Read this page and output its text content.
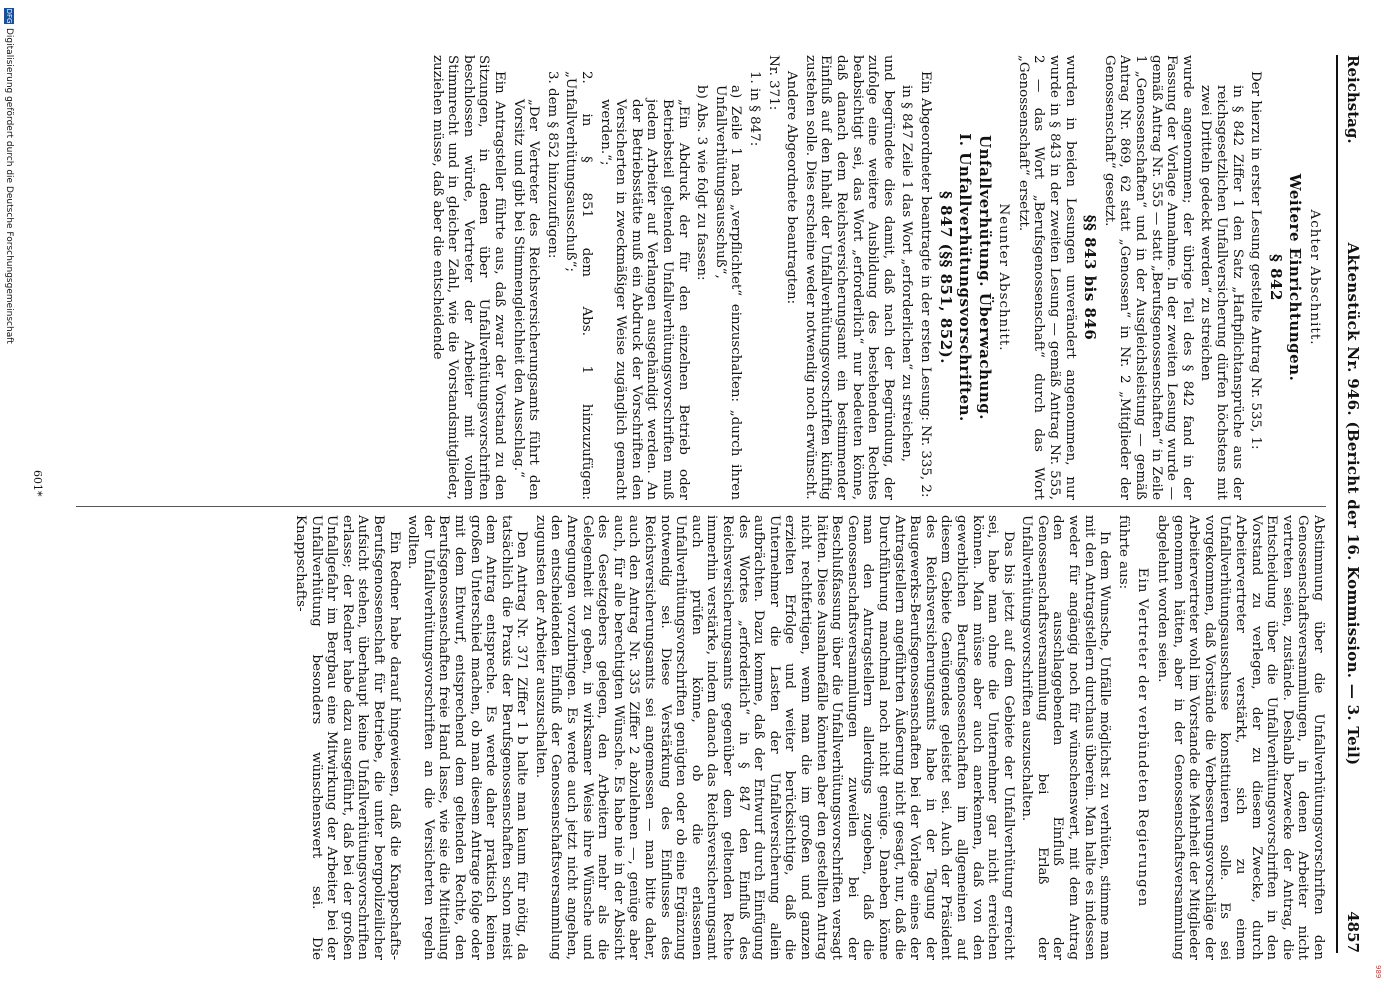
Reichstag.
Aktenstück Nr. 946. (Bericht der 16. Kommission. — 3. Teil)
4857

Achter Abschnitt.

Weitere Einrichtungen.

§ 842

Der hierzu in erster Lesung gestellte Antrag Nr. 535, 1:

in § 842 Ziffer 1 den Satz „Haftpflichtansprüche aus der reichsgesetzlichen Unfallversicherung dürfen höchstens mit zwei Dritteln gedeckt werden“ zu streichen

wurde angenommen; der übrige Teil des § 842 fand in der Fassung der Vorlage Annahme. In der zweiten Lesung wurde — gemäß Antrag Nr. 555 — statt „Berufsgenossenschaften“ in Zeile 1 „Genossenschaften“ und in der Ausgleichsleistung — gemäß Antrag Nr. 869, 62 statt „Genossen“ in Nr. 2 „Mitglieder der Genossenschaft“ gesetzt.

§§ 843 bis 846

wurden in beiden Lesungen unverändert angenommen, nur wurde in § 843 in der zweiten Lesung — gemäß Antrag Nr. 555, 2 — das Wort „Berufsgenossenschaft“ durch das Wort „Genossenschaft“ ersetzt.

Neunter Abschnitt.

Unfallverhütung. Überwachung.

I. Unfallverhütungsvorschriften.

§ 847 (§§ 851, 852).

Ein Abgeordneter beantragte in der ersten Lesung: Nr. 335, 2:

in § 847 Zeile 1 das Wort „erforderlichen“ zu streichen,

und begründete dies damit, daß nach der Begründung, der zufolge eine weitere Ausbildung des bestehenden Rechtes beabsichtigt sei, das Wort „erforderlich“ nur bedeuten könne, daß danach dem Reichsversicherungsamt ein bestimmender Einfluß auf den Inhalt der Unfallverhütungsvorschriften künftig zustehen solle. Dies erscheine weder notwendig noch erwünscht.

Andere Abgeordnete beantragten:

Nr. 371:

1. in § 847:

a) Zeile 1 nach „verpflichtet“ einzuschalten: „durch ihren Unfallverhütungsausschuß“,

b) Abs. 3 wie folgt zu fassen:

„Ein Abdruck der für den einzelnen Betrieb oder Betriebsteil geltenden Unfallverhütungsvorschriften muß jedem Arbeiter auf Verlangen ausgehändigt werden. An der Betriebsstätte muß ein Abdruck der Vorschriften den Versicherten in zweckmäßiger Weise zugänglich gemacht werden.“;

2. in § 851 dem Abs. 1 hinzuzufügen: „Unfallverhütungsausschuß“;

3. dem § 852 hinzuzufügen:

„Der Vertreter des Reichsversicherungsamts führt den Vorsitz und gibt bei Stimmengleichheit den Ausschlag.“

Ein Antragsteller führte aus, daß zwar der Vorstand zu den Sitzungen, in denen über Unfallverhütungsvorschriften beschlossen würde, Vertreter der Arbeiter mit vollem Stimmrecht und in gleicher Zahl, wie die Vorstandsmitglieder, zuziehen müsse, daß aber die entscheidende

Abstimmung über die Unfallverhütungsvorschriften den Genossenschaftsversammlungen, in denen Arbeiter nicht vertreten seien, zustände. Deshalb bezwecke der Antrag, die Entscheidung über die Unfallverhütungsvorschriften in den Vorstand zu verlegen, der zu diesem Zwecke, durch Arbeitervertreter verstärkt, sich zu einem Unfallverhütungsausschusse konstituieren solle. Es sei vorgekommen, daß Vorstände die Verbesserungsvorschläge der Arbeitervertreter wohl im Vorstande die Mehrheit der Mitglieder genommen hätten, aber in der Genossenschaftsversammlung abgelehnt worden seien.

Ein Vertreter der verbündeten Regierungen

führte aus:

In dem Wunsche, Unfälle möglichst zu verhüten, stimme man mit den Antragstellern durchaus überein. Man halte es indessen weder für angängig noch für wünschenswert, mit dem Antrag den ausschlaggebenden Einfluß der Genossenschaftsversammlung bei Erlaß der Unfallverhütungsvorschriften auszuschalten.

Das bis jetzt auf dem Gebiete der Unfallverhütung erreicht sei, habe man ohne die Unternehmer gar nicht erreichen können. Man müsse aber auch anerkennen, daß von den gewerblichen Berufsgenossenschaften im allgemeinen auf diesem Gebiete Genügendes geleistet sei. Auch der Präsident des Reichsversicherungsamts habe in der Tagung der Baugewerks-Berufsgenossenschaften bei der Vorlage eines der Antragstellern angeführten Äußerung nicht gesagt, nur, daß die Durchführung manchmal noch nicht genüge. Daneben könne man den Antragstellern allerdings zugeben, daß die Genossenschaftsversammlungen zuweilen bei der Beschlußfassung über die Unfallverhütungsvorschriften versagt hätten. Diese Ausnahmefälle könnten aber den gestellten Antrag nicht rechtfertigen, wenn man die im großen und ganzen erzielten Erfolge und weiter berücksichtige, daß die Unternehmer die Lasten der Unfallversicherung allein aufbrächten. Dazu komme, daß der Entwurf durch Einfügung des Wortes „erforderlich“ in § 847 den Einfluß des Reichsversicherungsamts gegenüber dem geltenden Rechte immerhin verstärke, indem danach das Reichsversicherungsamt auch prüfen könne, ob die erlassenen Unfallverhütungsvorschriften genügten oder ob eine Ergänzung notwendig sei. Diese Verstärkung des Einflusses des Reichsversicherungsamts sei angemessen — man bitte daher, auch den Antrag Nr. 335 Ziffer 2 abzulehnen —, genüge aber auch, für alle berechtigten Wünsche. Es habe nie in der Absicht des Gesetzgebers gelegen, den Arbeitern mehr als die Gelegenheit zu geben, in wirksamer Weise ihre Wünsche und Anregungen vorzubringen. Es werde auch jetzt nicht angehen, den entscheidenden Einfluß der Genossenschaftsversammlung zugunsten der Arbeiter auszuschalten.

Den Antrag Nr. 371 Ziffer 1 b halte man kaum für nötig, da tatsächlich die Praxis der Berufsgenossenschaften schon meist dem Antrag entspreche. Es werde daher praktisch keinen großen Unterschied machen, ob man diesem Antrage folge oder mit dem Entwurf, entsprechend dem geltenden Rechte, den Berufsgenossenschaften freie Hand lasse, wie sie die Mitteilung der Unfallverhütungsvorschriften an die Versicherten regeln wollten.

Ein Redner habe darauf hingewiesen, daß die Knappschafts-Berufsgenossenschaft für Betriebe, die unter bergpolizeilicher Aufsicht stehen, überhaupt keine Unfallverhütungsvorschriften erlasse; der Redner habe dazu ausgeführt, daß bei der großen Unfallgefahr im Bergbau eine Mitwirkung der Arbeiter bei der Unfallverhütung besonders wünschenswert sei. Die Knappschafts-

601*
DFG
Digitalisierung gefördert durch die Deutsche Forschungsgemeinschaft
989
